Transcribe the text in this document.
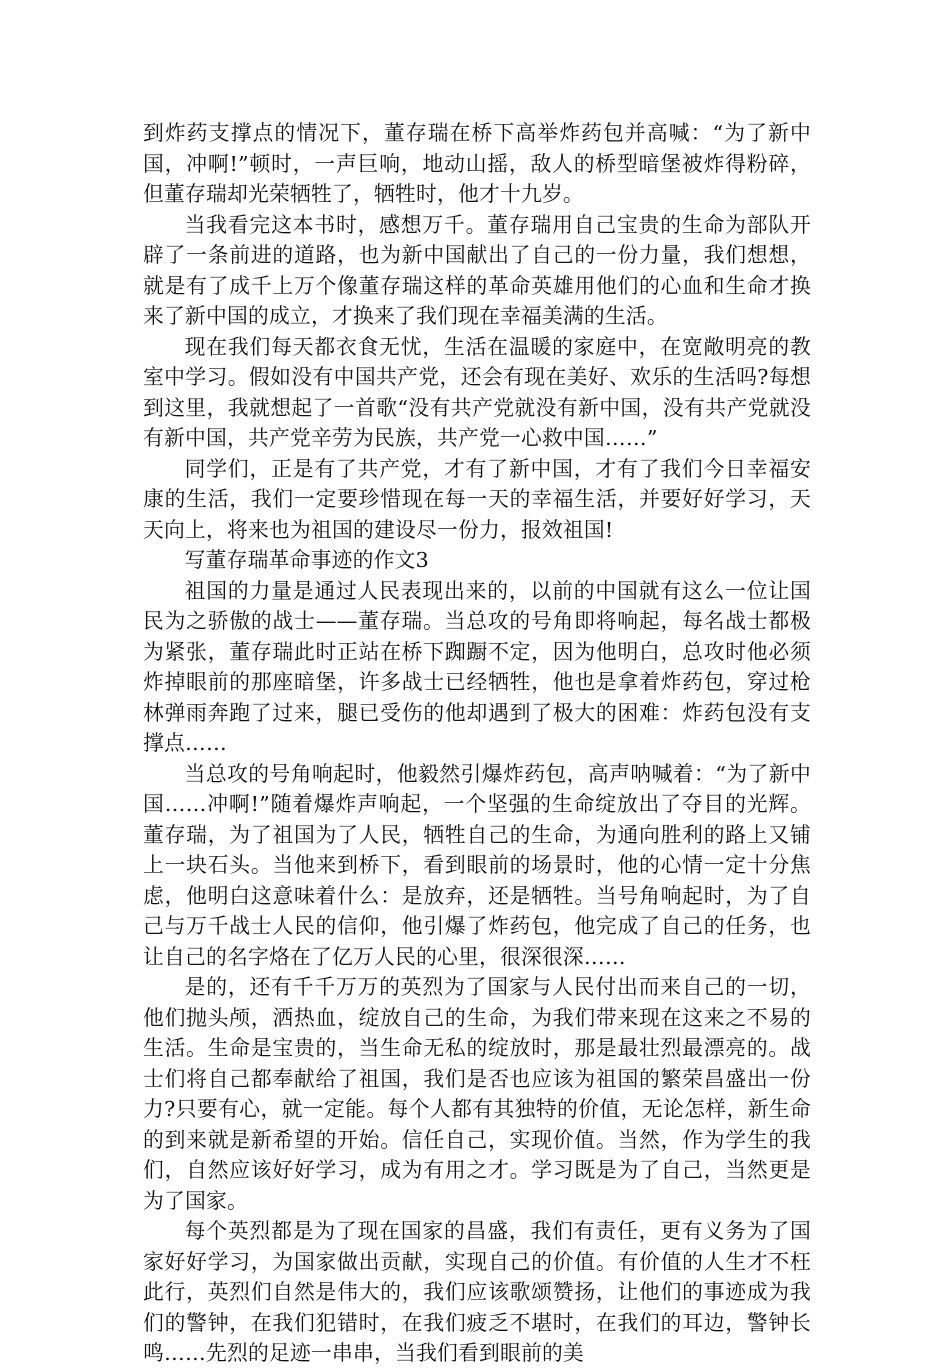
到炸药支撑点的情况下，董存瑞在桥下高举炸药包并高喊：“为了新中国，冲啊!”顿时，一声巨响，地动山摇，敌人的桥型暗堡被炸得粉碎，但董存瑞却光荣牺牲了，牺牲时，他才十九岁。

当我看完这本书时，感想万千。董存瑞用自己宝贵的生命为部队开辟了一条前进的道路，也为新中国献出了自己的一份力量，我们想想，就是有了成千上万个像董存瑞这样的革命英雄用他们的心血和生命才换来了新中国的成立，才换来了我们现在幸福美满的生活。

现在我们每天都衣食无忧，生活在温暖的家庭中，在宽敞明亮的教室中学习。假如没有中国共产党，还会有现在美好、欢乐的生活吗?每想到这里，我就想起了一首歌“没有共产党就没有新中国，没有共产党就没有新中国，共产党辛劳为民族，共产党一心救中国……”

同学们，正是有了共产党，才有了新中国，才有了我们今日幸福安康的生活，我们一定要珍惜现在每一天的幸福生活，并要好好学习，天天向上，将来也为祖国的建设尽一份力，报效祖国!

写董存瑞革命事迹的作文3

祖国的力量是通过人民表现出来的，以前的中国就有这么一位让国民为之骄傲的战士——董存瑞。当总攻的号角即将响起，每名战士都极为紧张，董存瑞此时正站在桥下踟蹰不定，因为他明白，总攻时他必须炸掉眼前的那座暗堡，许多战士已经牺牲，他也是拿着炸药包，穿过枪林弹雨奔跑了过来，腿已受伤的他却遇到了极大的困难：炸药包没有支撑点……

当总攻的号角响起时，他毅然引爆炸药包，高声呐喊着：“为了新中国……冲啊!”随着爆炸声响起，一个坚强的生命绽放出了夺目的光辉。董存瑞，为了祖国为了人民，牺牲自己的生命，为通向胜利的路上又铺上一块石头。当他来到桥下，看到眼前的场景时，他的心情一定十分焦虑，他明白这意味着什么：是放弃，还是牺牲。当号角响起时，为了自己与万千战士人民的信仰，他引爆了炸药包，他完成了自己的任务，也让自己的名字烙在了亿万人民的心里，很深很深……

是的，还有千千万万的英烈为了国家与人民付出而来自己的一切，他们抛头颅，洒热血，绽放自己的生命，为我们带来现在这来之不易的生活。生命是宝贵的，当生命无私的绽放时，那是最壮烈最漂亮的。战士们将自己都奉献给了祖国，我们是否也应该为祖国的繁荣昌盛出一份力?只要有心，就一定能。每个人都有其独特的价值，无论怎样，新生命的到来就是新希望的开始。信任自己，实现价值。当然，作为学生的我们，自然应该好好学习，成为有用之才。学习既是为了自己，当然更是为了国家。

每个英烈都是为了现在国家的昌盛，我们有责任，更有义务为了国家好好学习，为国家做出贡献，实现自己的价值。有价值的人生才不枉此行，英烈们自然是伟大的，我们应该歌颂赞扬，让他们的事迹成为我们的警钟，在我们犯错时，在我们疲乏不堪时，在我们的耳边，警钟长鸣……先烈的足迹一串串，当我们看到眼前的美
